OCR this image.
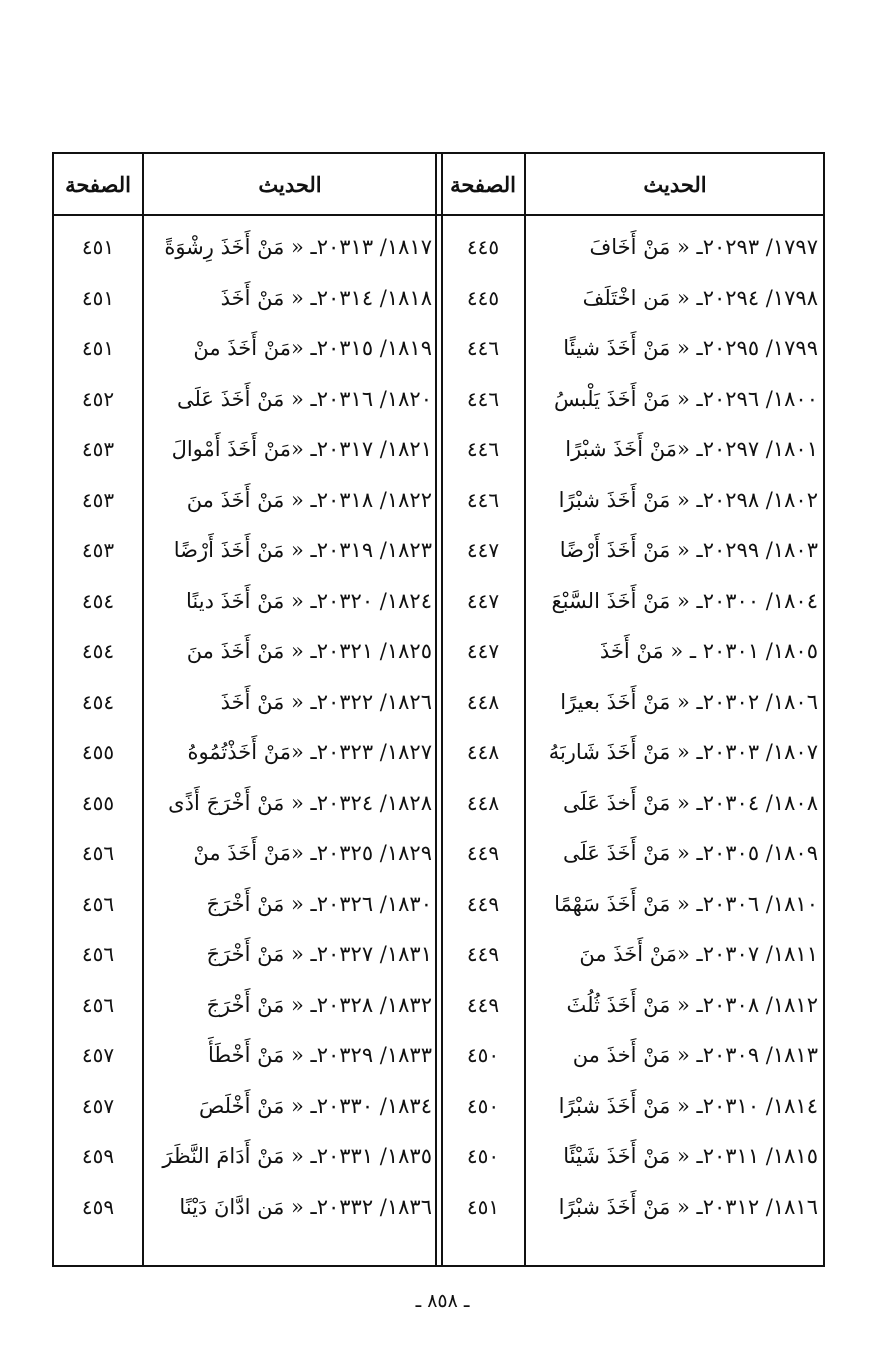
الحديث
الصفحة
الحديث
الصفحة
١٧٩٧/ ٢٠٢٩٣ـ « مَنْ أَخَافَ
٤٤٥
١٧٩٨/ ٢٠٢٩٤ـ « مَن اخْتَلَفَ
٤٤٥
١٧٩٩/ ٢٠٢٩٥ـ « مَنْ أَخَذَ شيئًا
٤٤٦
١٨٠٠/ ٢٠٢٩٦ـ « مَنْ أَخَذَ يَلْبسُ
٤٤٦
١٨٠١/ ٢٠٢٩٧ـ «مَنْ أَخَذَ شبْرًا
٤٤٦
١٨٠٢/ ٢٠٢٩٨ـ « مَنْ أَخَذَ شبْرًا
٤٤٦
١٨٠٣/ ٢٠٢٩٩ـ « مَنْ أَخَذَ أَرْضًا
٤٤٧
١٨٠٤/ ٢٠٣٠٠ـ « مَنْ أَخَذَ السَّبْعَ
٤٤٧
١٨٠٥/ ٢٠٣٠١ ـ « مَنْ أَخَذَ
٤٤٧
١٨٠٦/ ٢٠٣٠٢ـ « مَنْ أَخَذَ بعيرًا
٤٤٨
١٨٠٧/ ٢٠٣٠٣ـ « مَنْ أَخَذَ شَاربَهُ
٤٤٨
١٨٠٨/ ٢٠٣٠٤ـ « مَنْ أَخذَ عَلَى
٤٤٨
١٨٠٩/ ٢٠٣٠٥ـ « مَنْ أَخَذَ عَلَى
٤٤٩
١٨١٠/ ٢٠٣٠٦ـ « مَنْ أَخَذَ سَهْمًا
٤٤٩
١٨١١/ ٢٠٣٠٧ـ «مَنْ أَخَذَ منَ
٤٤٩
١٨١٢/ ٢٠٣٠٨ـ « مَنْ أَخَذَ ثُلُثَ
٤٤٩
١٨١٣/ ٢٠٣٠٩ـ « مَنْ أَخذَ من
٤٥٠
١٨١٤/ ٢٠٣١٠ـ « مَنْ أَخَذَ شبْرًا
٤٥٠
١٨١٥/ ٢٠٣١١ـ « مَنْ أَخَذَ شَيْئًا
٤٥٠
١٨١٦/ ٢٠٣١٢ـ « مَنْ أَخَذَ شبْرًا
٤٥١
١٨١٧/ ٢٠٣١٣ـ « مَنْ أَخَذَ رِشْوَةً
٤٥١
١٨١٨/ ٢٠٣١٤ـ « مَنْ أَخَذَ
٤٥١
١٨١٩/ ٢٠٣١٥ـ «مَنْ أَخَذَ منْ
٤٥١
١٨٢٠/ ٢٠٣١٦ـ « مَنْ أَخَذَ عَلَى
٤٥٢
١٨٢١/ ٢٠٣١٧ـ «مَنْ أَخَذَ أَمْوالَ
٤٥٣
١٨٢٢/ ٢٠٣١٨ـ « مَنْ أَخَذَ منَ
٤٥٣
١٨٢٣/ ٢٠٣١٩ـ « مَنْ أَخَذَ أَرْضًا
٤٥٣
١٨٢٤/ ٢٠٣٢٠ـ « مَنْ أَخَذَ دينًا
٤٥٤
١٨٢٥/ ٢٠٣٢١ـ « مَنْ أَخَذَ منَ
٤٥٤
١٨٢٦/ ٢٠٣٢٢ـ « مَنْ أَخَذَ
٤٥٤
١٨٢٧/ ٢٠٣٢٣ـ «مَنْ أَخَذْتُمُوهُ
٤٥٥
١٨٢٨/ ٢٠٣٢٤ـ « مَنْ أَخْرَجَ أَذًى
٤٥٥
١٨٢٩/ ٢٠٣٢٥ـ «مَنْ أَخَذَ منْ
٤٥٦
١٨٣٠/ ٢٠٣٢٦ـ « مَنْ أَخْرَجَ
٤٥٦
١٨٣١/ ٢٠٣٢٧ـ « مَنْ أَخْرَجَ
٤٥٦
١٨٣٢/ ٢٠٣٢٨ـ « مَنْ أَخْرَجَ
٤٥٦
١٨٣٣/ ٢٠٣٢٩ـ « مَنْ أَخْطَأَ
٤٥٧
١٨٣٤/ ٢٠٣٣٠ـ « مَنْ أَخْلَصَ
٤٥٧
١٨٣٥/ ٢٠٣٣١ـ « مَنْ أَدَامَ النَّظَرَ
٤٥٩
١٨٣٦/ ٢٠٣٣٢ـ « مَن ادَّانَ دَيْنًا
٤٥٩
ـ ٨٥٨ ـ
